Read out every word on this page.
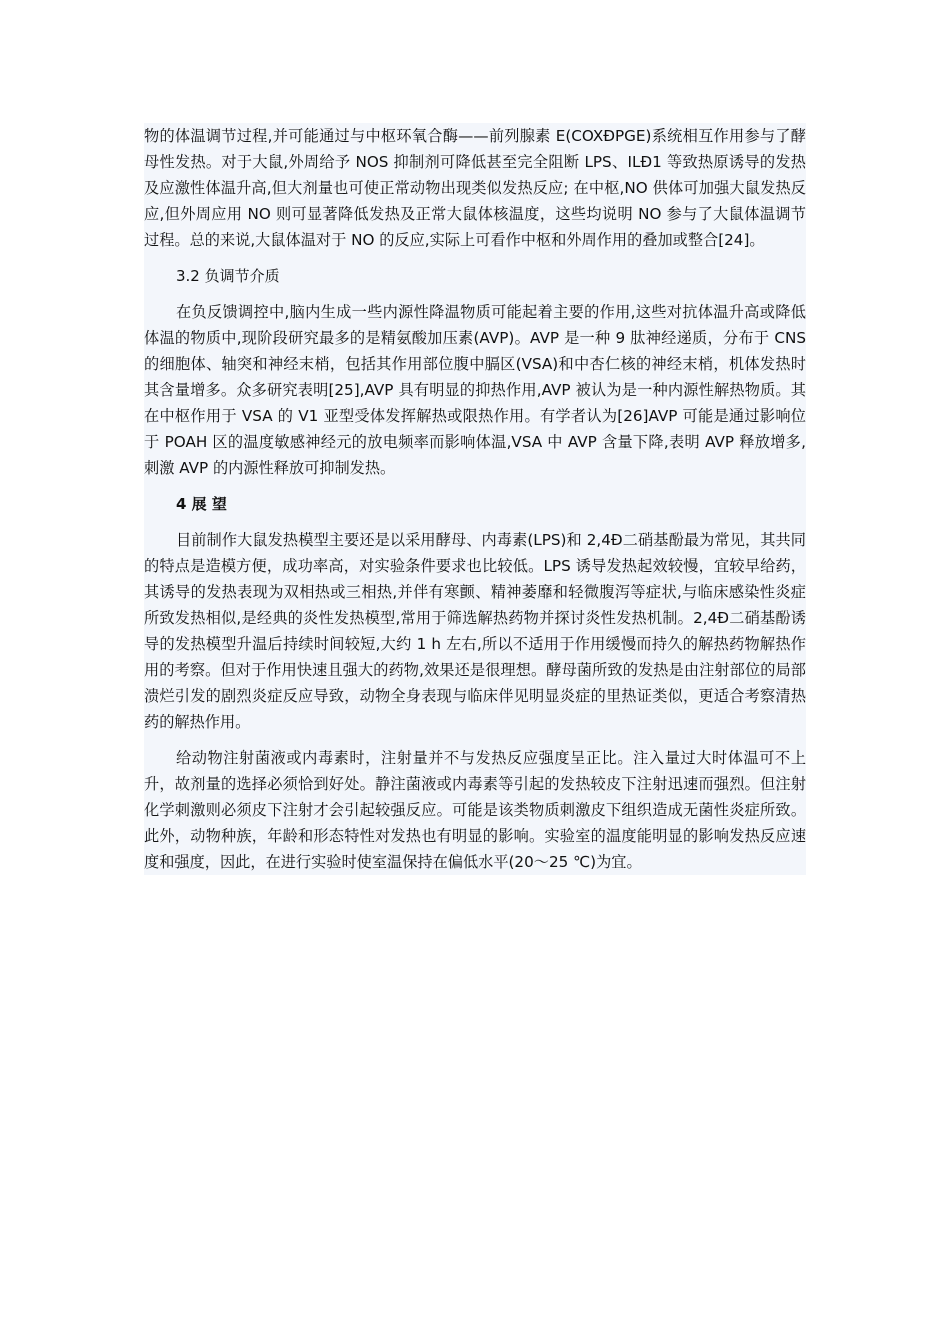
物的体温调节过程,并可能通过与中枢环氧合酶——前列腺素 E(COXÐPGE)系统相互作用参与了酵母性发热。对于大鼠,外周给予 NOS 抑制剂可降低甚至完全阻断 LPS、ILÐ1 等致热原诱导的发热及应激性体温升高,但大剂量也可使正常动物出现类似发热反应; 在中枢,NO 供体可加强大鼠发热反应,但外周应用 NO 则可显著降低发热及正常大鼠体核温度，这些均说明 NO 参与了大鼠体温调节过程。总的来说,大鼠体温对于 NO 的反应,实际上可看作中枢和外周作用的叠加或整合[24]。

3.2 负调节介质

在负反馈调控中,脑内生成一些内源性降温物质可能起着主要的作用,这些对抗体温升高或降低体温的物质中,现阶段研究最多的是精氨酸加压素(AVP)。AVP 是一种 9 肽神经递质，分布于 CNS 的细胞体、轴突和神经末梢，包括其作用部位腹中膈区(VSA)和中杏仁核的神经末梢，机体发热时其含量增多。众多研究表明[25],AVP 具有明显的抑热作用,AVP 被认为是一种内源性解热物质。其在中枢作用于 VSA 的 V1 亚型受体发挥解热或限热作用。有学者认为[26]AVP 可能是通过影响位于 POAH 区的温度敏感神经元的放电频率而影响体温,VSA 中 AVP 含量下降,表明 AVP 释放增多,刺激 AVP 的内源性释放可抑制发热。

4 展 望

目前制作大鼠发热模型主要还是以采用酵母、内毒素(LPS)和 2,4Ð二硝基酚最为常见，其共同的特点是造模方便，成功率高，对实验条件要求也比较低。LPS 诱导发热起效较慢，宜较早给药，其诱导的发热表现为双相热或三相热,并伴有寒颤、精神萎靡和轻微腹泻等症状,与临床感染性炎症所致发热相似,是经典的炎性发热模型,常用于筛选解热药物并探讨炎性发热机制。2,4Ð二硝基酚诱导的发热模型升温后持续时间较短,大约 1 h 左右,所以不适用于作用缓慢而持久的解热药物解热作用的考察。但对于作用快速且强大的药物,效果还是很理想。酵母菌所致的发热是由注射部位的局部溃烂引发的剧烈炎症反应导致，动物全身表现与临床伴见明显炎症的里热证类似，更适合考察清热药的解热作用。

给动物注射菌液或内毒素时，注射量并不与发热反应强度呈正比。注入量过大时体温可不上升，故剂量的选择必须恰到好处。静注菌液或内毒素等引起的发热较皮下注射迅速而强烈。但注射化学刺激则必须皮下注射才会引起较强反应。可能是该类物质刺激皮下组织造成无菌性炎症所致。此外，动物种族，年龄和形态特性对发热也有明显的影响。实验室的温度能明显的影响发热反应速度和强度，因此，在进行实验时使室温保持在偏低水平(20～25 ℃)为宜。
